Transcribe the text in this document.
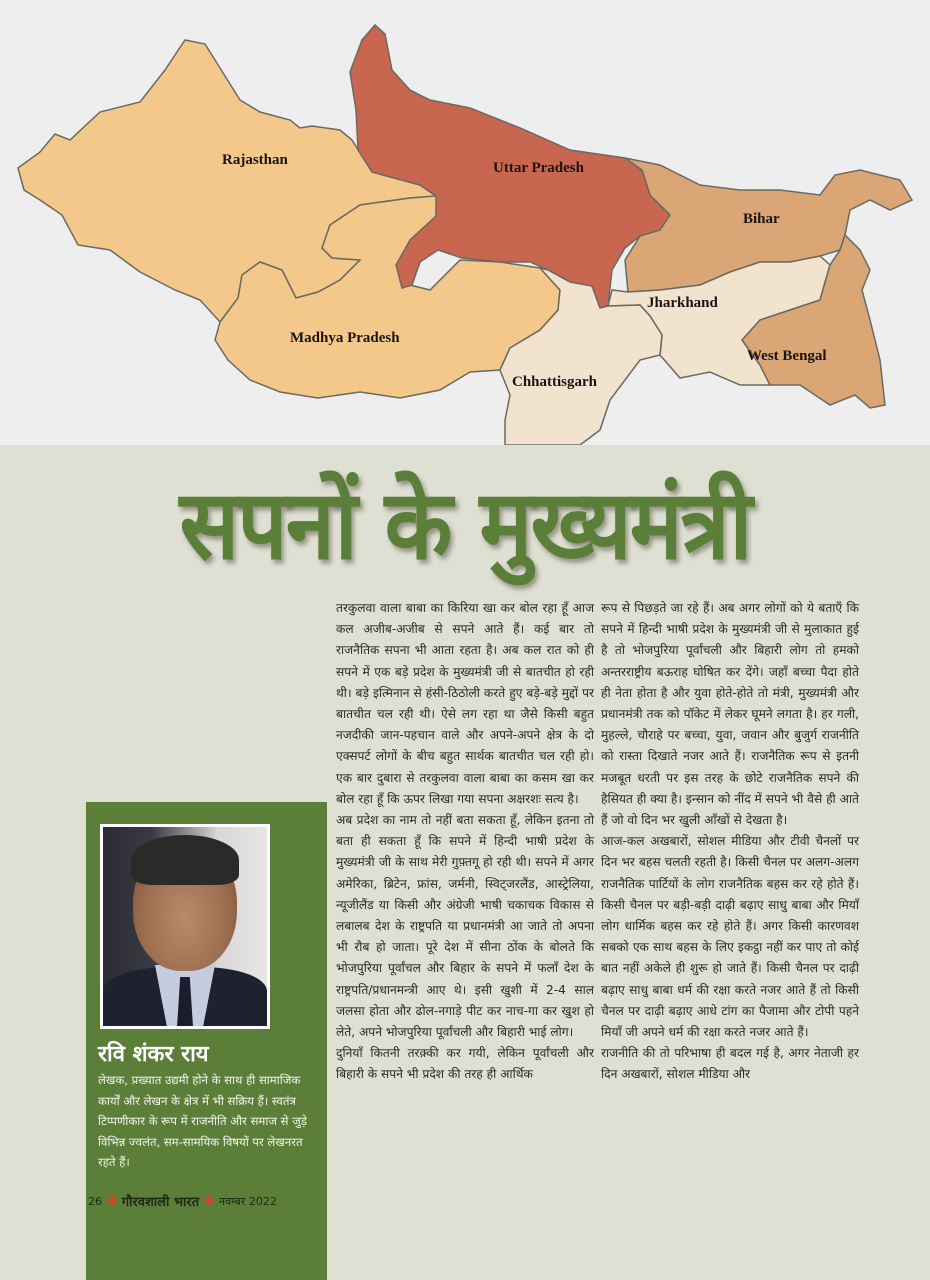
Rajasthan	Uttar Pradesh
Bihar
Madhya Pradesh
Jharkhand
West Bengal
Chhattisgarh
सपनों के मुख्यमंत्री

तरकुलवा वाला बाबा का किरिया खा कर बोल रहा हूँ आज कल अजीब-अजीब से सपने आते हैं। कई बार तो राजनैतिक सपना भी आता रहता है। अब कल रात को ही सपने में एक बड़े प्रदेश के मुख्यमंत्री जी से बातचीत हो रही थी। बड़े इत्मिनान से हंसी-ठिठोली करते हुए बड़े-बड़े मुद्दों पर बातचीत चल रही थी। ऐसे लग रहा था जैसे किसी बहुत नजदीकी जान-पहचान वाले और अपने-अपने क्षेत्र के दो एक्सपर्ट लोगों के बीच बहुत सार्थक बातचीत चल रही हो। एक बार दुबारा से तरकुलवा वाला बाबा का कसम खा कर बोल रहा हूँ कि ऊपर लिखा गया सपना अक्षरशः सत्य है।

अब प्रदेश का नाम तो नहीं बता सकता हूँ, लेकिन इतना तो बता ही सकता हूँ कि सपने में हिन्दी भाषी प्रदेश के मुख्यमंत्री जी के साथ मेरी गुफ़्तगू हो रही थी। सपने में अगर अमेरिका, ब्रिटेन, फ्रांस, जर्मनी, स्विट्जरलैंड, आस्ट्रेलिया, न्यूजीलैंड या किसी और अंग्रेजी भाषी चकाचक विकास से लबालब देश के राष्ट्रपति या प्रधानमंत्री आ जाते तो अपना भी रौब हो जाता। पूरे देश में सीना ठोंक के बोलते कि भोजपुरिया पूर्वांचल और बिहार के सपने में फलाँ देश के राष्ट्रपति/प्रधानमन्त्री आए थे। इसी खुशी में 2-4 साल जलसा होता और ढोल-नगाड़े पीट कर नाच-गा कर खुश हो लेते, अपने भोजपुरिया पूर्वांचली और बिहारी भाई लोग।

दुनियाँ कितनी तरक़्की कर गयी, लेकिन पूर्वांचली और बिहारी के सपने भी प्रदेश की तरह ही आर्थिक

रूप से पिछड़ते जा रहे हैं। अब अगर लोगों को ये बताएँ कि सपने में हिन्दी भाषी प्रदेश के मुख्यमंत्री जी से मुलाकात हुई है तो भोजपुरिया पूर्वांचली और बिहारी लोग तो हमको अन्तरराष्ट्रीय बऊराह घोषित कर देंगे। जहाँ बच्चा पैदा होते ही नेता होता है और युवा होते-होते तो मंत्री, मुख्यमंत्री और प्रधानमंत्री तक को पॉकेट में लेकर घूमने लगता है। हर गली, मुहल्ले, चौराहे पर बच्चा, युवा, जवान और बुजुर्ग राजनीति को रास्ता दिखाते नजर आते हैं। राजनैतिक रूप से इतनी मजबूत धरती पर इस तरह के छोटे राजनैतिक सपने की हैसियत ही क्या है। इन्सान को नींद में सपने भी वैसे ही आते हैं जो वो दिन भर खुली आँखों से देखता है।

आज-कल अखबारों, सोशल मीडिया और टीवी चैनलों पर दिन भर बहस चलती रहती है। किसी चैनल पर अलग-अलग राजनैतिक पार्टियों के लोग राजनैतिक बहस कर रहे होते हैं। किसी चैनल पर बड़ी-बड़ी दाढ़ी बढ़ाए साधु बाबा और मियाँ लोग धार्मिक बहस कर रहे होते हैं। अगर किसी कारणवश सबको एक साथ बहस के लिए इकट्ठा नहीं कर पाए तो कोई बात नहीं अकेले ही शुरू हो जाते हैं। किसी चैनल पर दाढ़ी बढ़ाए साधु बाबा धर्म की रक्षा करते नजर आते हैं तो किसी चैनल पर दाढ़ी बढ़ाए आधे टांग का पैजामा और टोपी पहने मियाँ जी अपने धर्म की रक्षा करते नजर आते हैं।

राजनीति की तो परिभाषा ही बदल गई है, अगर नेताजी हर दिन अखबारों, सोशल मीडिया और

रवि शंकर राय
लेखक, प्रख्यात उद्यमी होने के साथ ही सामाजिक कार्यों और लेखन के क्षेत्र में भी सक्रिय हैं। स्वतंत्र टिप्पणीकार के रूप में राजनीति और समाज से जुड़े विभिन्न ज्वलंत, सम-सामयिक विषयों पर लेखनरत रहते हैं।
26 ✚ गौरवशाली भारत ✚ नवम्बर 2022
